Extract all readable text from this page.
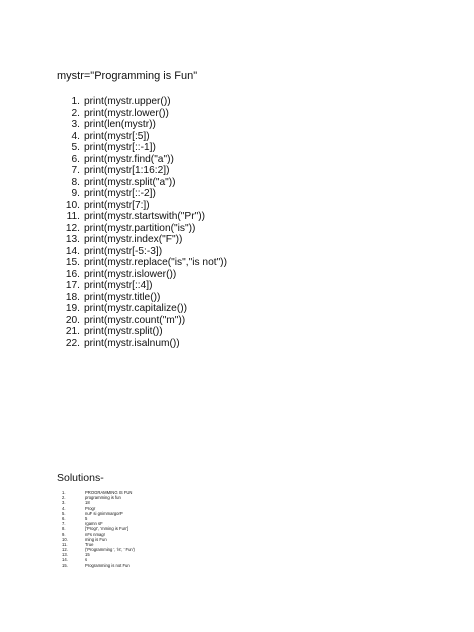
mystr="Programming is Fun"
1. print(mystr.upper())
2. print(mystr.lower())
3. print(len(mystr))
4. print(mystr[:5])
5. print(mystr[::-1])
6. print(mystr.find("a"))
7. print(mystr[1:16:2])
8. print(mystr.split("a"))
9. print(mystr[::-2])
10. print(mystr[7:])
11. print(mystr.startswith("Pr"))
12. print(mystr.partition("is"))
13. print(mystr.index("F"))
14. print(mystr[-5:-3])
15. print(mystr.replace("is","is not"))
16. print(mystr.islower())
17. print(mystr[::4])
18. print(mystr.title())
19. print(mystr.capitalize())
20. print(mystr.count("m"))
21. print(mystr.split())
22. print(mystr.isalnum())
Solutions-
1.	PROGRAMMING IS FUN
2.	programming is fun
3.	18
4.	Progr
5.	nuF si gnimmargorP
6.	5
7.	rgamn sF
8.	['Progr', 'mming is Fun']
9.	nFs nmagr
10.	ming is Fun
11.	True
12.	('Programming ', 'is', ' Fun')
13.	15
14.	s
15.	Programming is not Fun
